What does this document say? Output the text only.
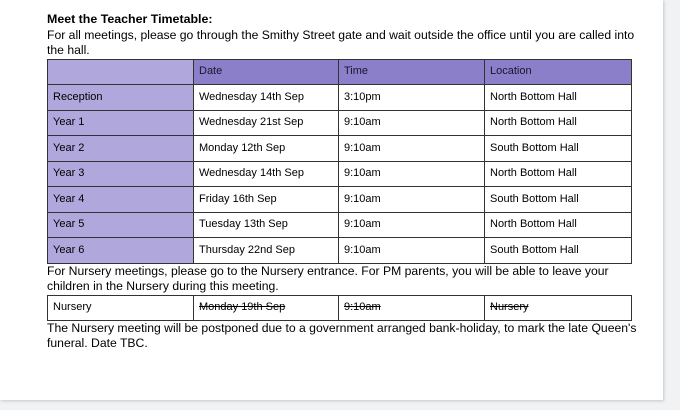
Meet the Teacher Timetable:

For all meetings, please go through the Smithy Street gate and wait outside the office until you are called into the hall.

	Date	Time	Location
Reception	Wednesday 14th Sep	3:10pm	North Bottom Hall
Year 1	Wednesday 21st Sep	9:10am	North Bottom Hall
Year 2	Monday 12th Sep	9:10am	South Bottom Hall
Year 3	Wednesday 14th Sep	9:10am	North Bottom Hall
Year 4	Friday 16th Sep	9:10am	South Bottom Hall
Year 5	Tuesday 13th Sep	9:10am	North Bottom Hall
Year 6	Thursday 22nd Sep	9:10am	South Bottom Hall

For Nursery meetings, please go to the Nursery entrance. For PM parents, you will be able to leave your children in the Nursery during this meeting.

Nursery	Monday 19th Sep	9:10am	Nursery

The Nursery meeting will be postponed due to a government arranged bank-holiday, to mark the late Queen's funeral. Date TBC.
